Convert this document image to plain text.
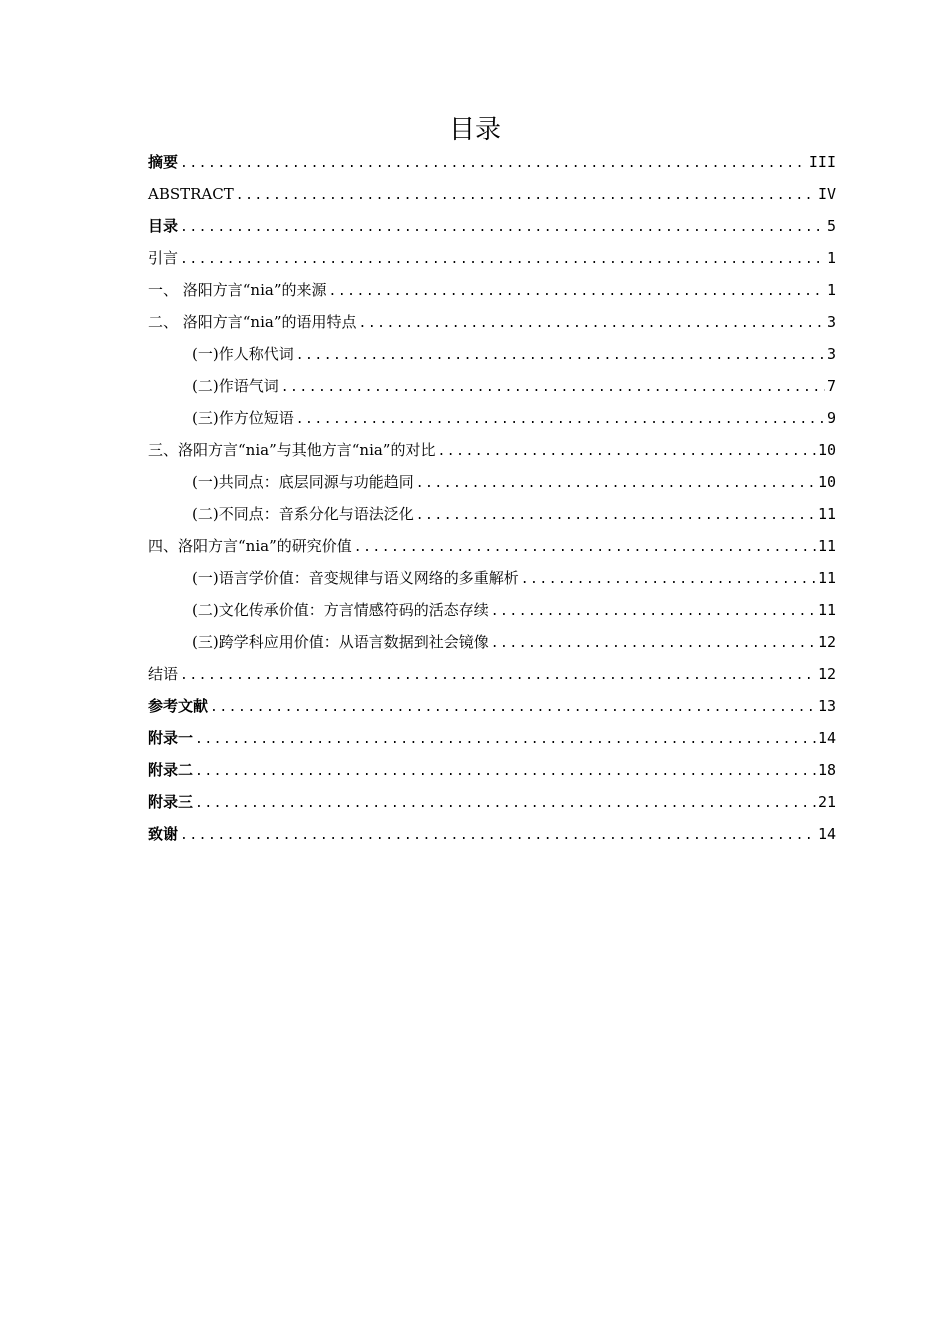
目录
摘要 .....	III
ABSTRACT .....	IV
目录 .....	5
引言 .....	1
一、 洛阳方言“nia”的来源 .....	1
二、 洛阳方言“nia”的语用特点 .....	3
(一)作人称代词 .....	3
(二)作语气词 .....	7
(三)作方位短语 .....	9
三、洛阳方言“nia”与其他方言“nia”的对比 .....	10
(一)共同点：底层同源与功能趋同 .....	10
(二)不同点：音系分化与语法泛化 .....	11
四、洛阳方言“nia”的研究价值 .....	11
(一)语言学价值：音变规律与语义网络的多重解析 .....	11
(二)文化传承价值：方言情感符码的活态存续 .....	11
(三)跨学科应用价值：从语言数据到社会镜像 .....	12
结语 .....	12
参考文献 .....	13
附录一 .....	14
附录二 .....	18
附录三 .....	21
致谢 .....	14
